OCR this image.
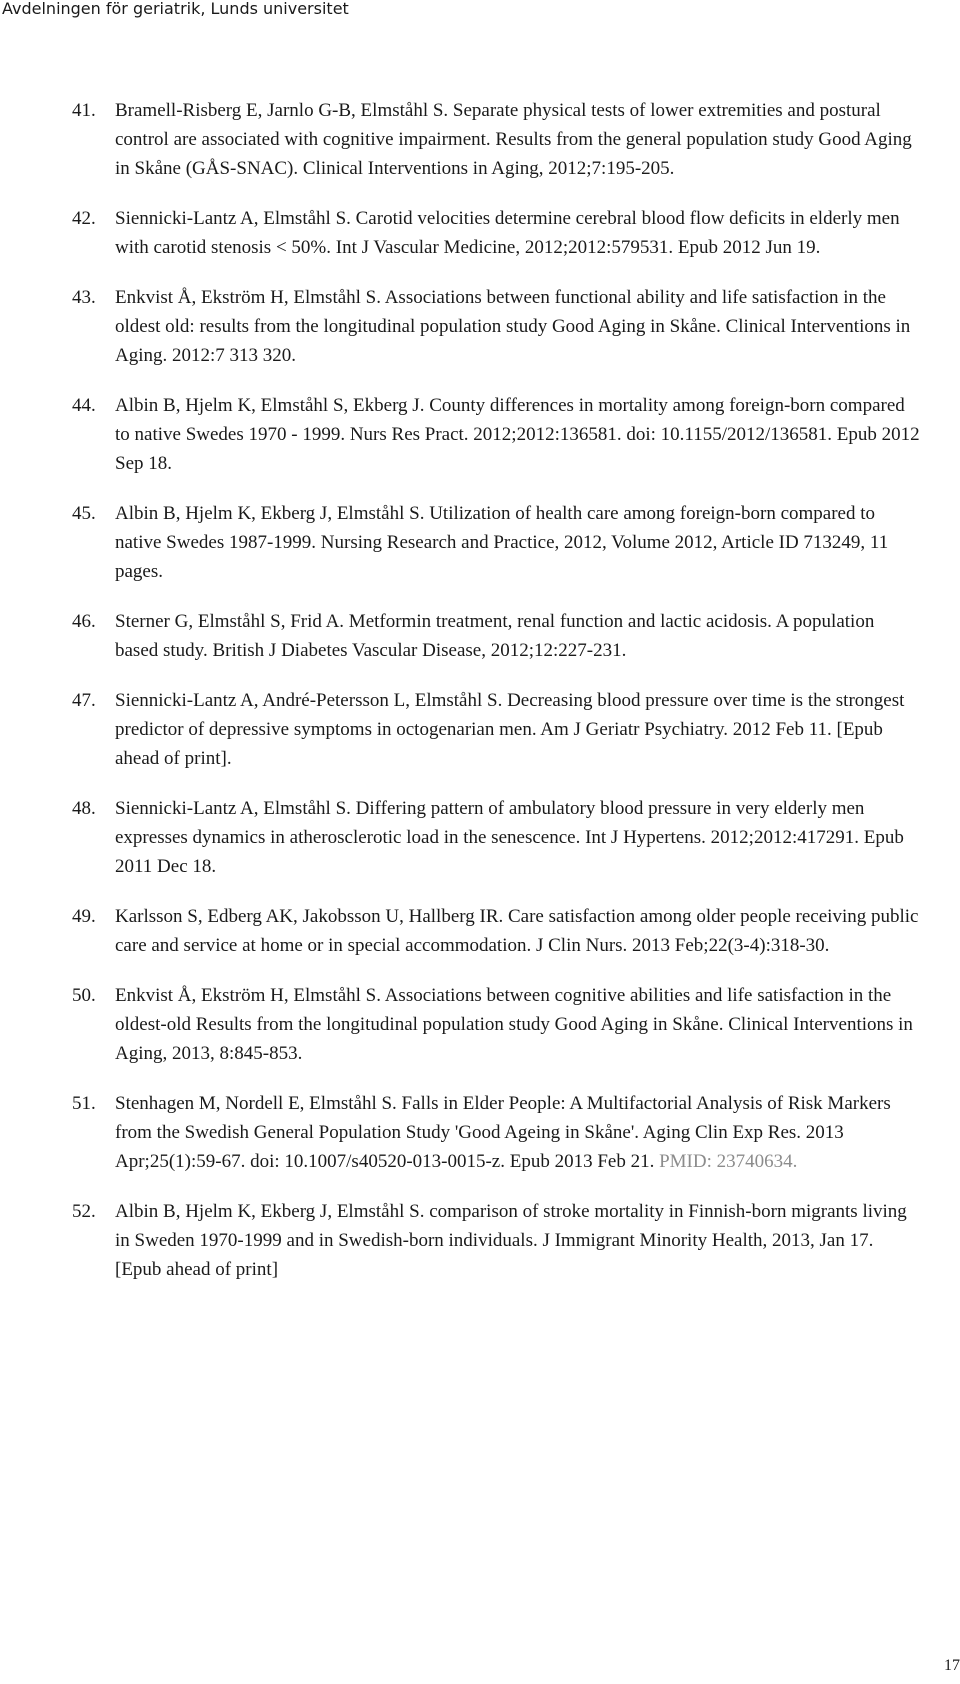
Avdelningen för geriatrik, Lunds universitet
41. Bramell-Risberg E, Jarnlo G-B, Elmståhl S. Separate physical tests of lower extremities and postural control are associated with cognitive impairment. Results from the general population study Good Aging in Skåne (GÅS-SNAC). Clinical Interventions in Aging, 2012;7:195-205.
42. Siennicki-Lantz A, Elmståhl S. Carotid velocities determine cerebral blood flow deficits in elderly men with carotid stenosis < 50%. Int J Vascular Medicine, 2012;2012:579531. Epub 2012 Jun 19.
43. Enkvist Å, Ekström H, Elmståhl S. Associations between functional ability and life satisfaction in the oldest old: results from the longitudinal population study Good Aging in Skåne. Clinical Interventions in Aging. 2012:7 313 320.
44. Albin B, Hjelm K, Elmståhl S, Ekberg J. County differences in mortality among foreign-born compared to native Swedes 1970 - 1999. Nurs Res Pract. 2012;2012:136581. doi: 10.1155/2012/136581. Epub 2012 Sep 18.
45. Albin B, Hjelm K, Ekberg J, Elmståhl S. Utilization of health care among foreign-born compared to native Swedes 1987-1999. Nursing Research and Practice, 2012, Volume 2012, Article ID 713249, 11 pages.
46. Sterner G, Elmståhl S, Frid A. Metformin treatment, renal function and lactic acidosis. A population based study. British J Diabetes Vascular Disease, 2012;12:227-231.
47. Siennicki-Lantz A, André-Petersson L, Elmståhl S. Decreasing blood pressure over time is the strongest predictor of depressive symptoms in octogenarian men. Am J Geriatr Psychiatry. 2012 Feb 11. [Epub ahead of print].
48. Siennicki-Lantz A, Elmståhl S. Differing pattern of ambulatory blood pressure in very elderly men expresses dynamics in atherosclerotic load in the senescence. Int J Hypertens. 2012;2012:417291. Epub 2011 Dec 18.
49. Karlsson S, Edberg AK, Jakobsson U, Hallberg IR. Care satisfaction among older people receiving public care and service at home or in special accommodation. J Clin Nurs. 2013 Feb;22(3-4):318-30.
50. Enkvist Å, Ekström H, Elmståhl S. Associations between cognitive abilities and life satisfaction in the oldest-old Results from the longitudinal population study Good Aging in Skåne. Clinical Interventions in Aging, 2013, 8:845-853.
51. Stenhagen M, Nordell E, Elmståhl S. Falls in Elder People: A Multifactorial Analysis of Risk Markers from the Swedish General Population Study 'Good Ageing in Skåne'. Aging Clin Exp Res. 2013 Apr;25(1):59-67. doi: 10.1007/s40520-013-0015-z. Epub 2013 Feb 21. PMID: 23740634.
52. Albin B, Hjelm K, Ekberg J, Elmståhl S. comparison of stroke mortality in Finnish-born migrants living in Sweden 1970-1999 and in Swedish-born individuals. J Immigrant Minority Health, 2013, Jan 17. [Epub ahead of print]
17
